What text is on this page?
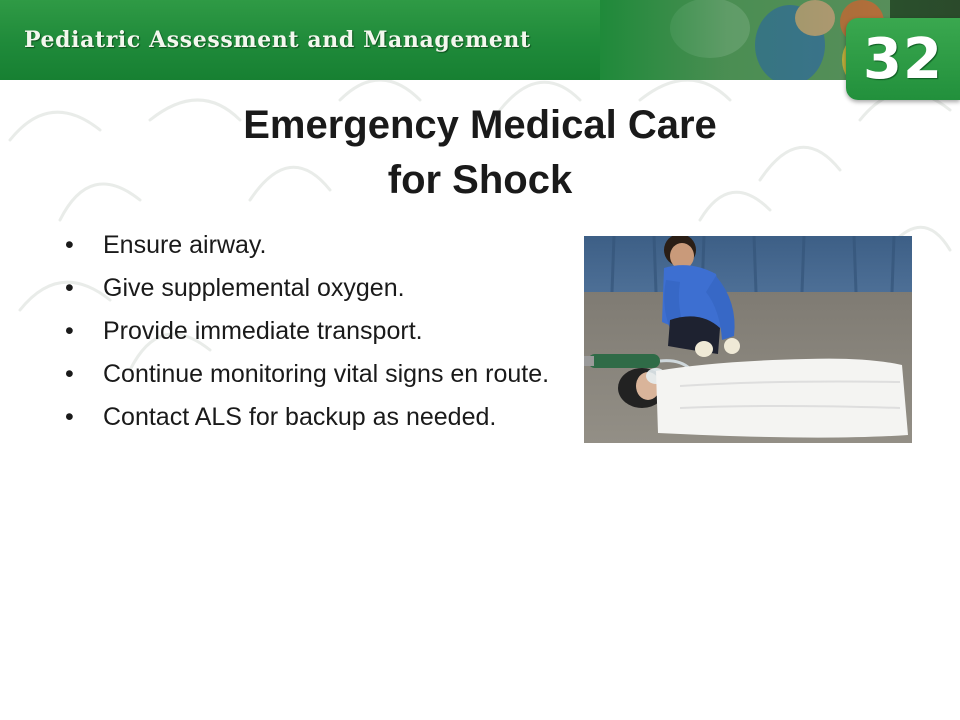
Pediatric Assessment and Management	32
Emergency Medical Care
for Shock
• Ensure airway.
• Give supplemental oxygen.
• Provide immediate transport.
• Continue monitoring vital signs en route.
• Contact ALS for backup as needed.
